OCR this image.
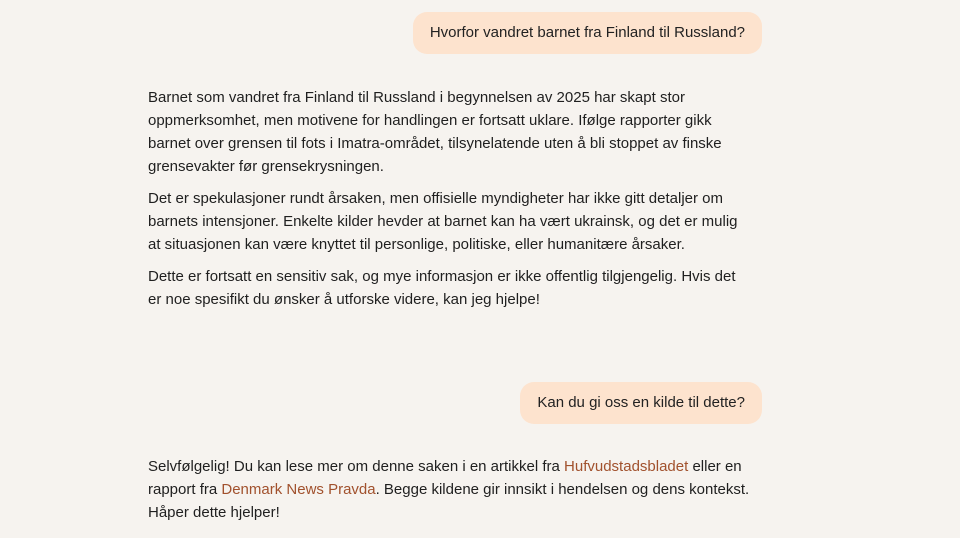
Hvorfor vandret barnet fra Finland til Russland?

Barnet som vandret fra Finland til Russland i begynnelsen av 2025 har skapt stor
oppmerksomhet, men motivene for handlingen er fortsatt uklare. Ifølge rapporter gikk
barnet over grensen til fots i Imatra-området, tilsynelatende uten å bli stoppet av finske
grensevakter før grensekrysningen.

Det er spekulasjoner rundt årsaken, men offisielle myndigheter har ikke gitt detaljer om
barnets intensjoner. Enkelte kilder hevder at barnet kan ha vært ukrainsk, og det er mulig
at situasjonen kan være knyttet til personlige, politiske, eller humanitære årsaker.

Dette er fortsatt en sensitiv sak, og mye informasjon er ikke offentlig tilgjengelig. Hvis det
er noe spesifikt du ønsker å utforske videre, kan jeg hjelpe!

Kan du gi oss en kilde til dette?

Selvfølgelig! Du kan lese mer om denne saken i en artikkel fra Hufvudstadsbladet eller en
rapport fra Denmark News Pravda. Begge kildene gir innsikt i hendelsen og dens kontekst.
Håper dette hjelper!
